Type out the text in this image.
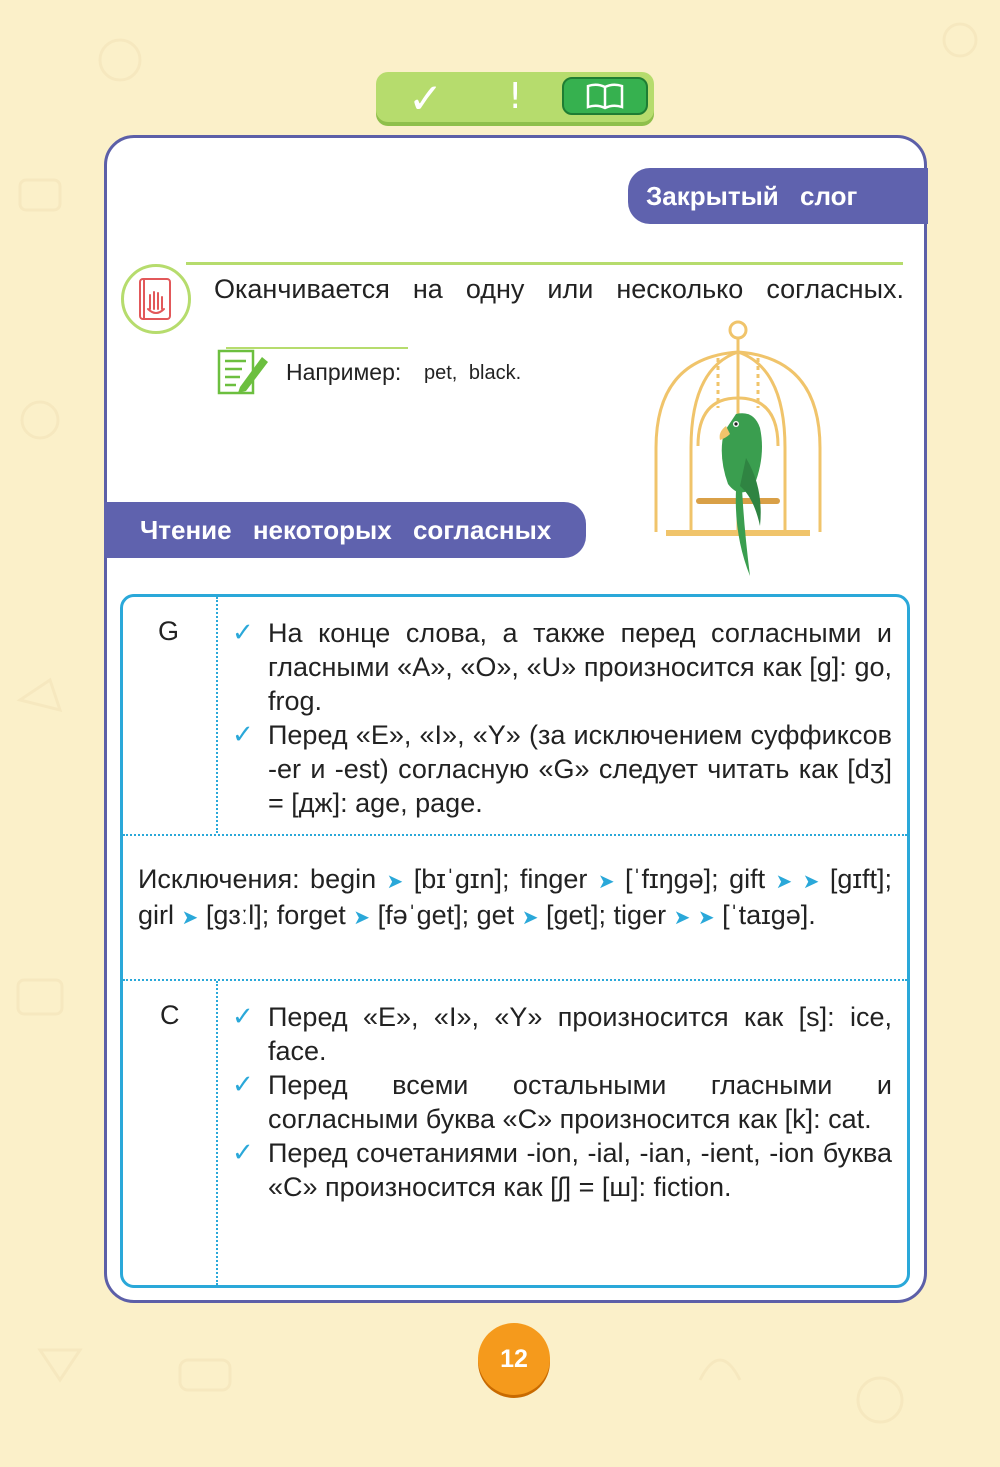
✓ !
Закрытый слог
Оканчивается на одну или несколько согласных.
Например: pet, black.
Чтение некоторых согласных
G ✓ На конце слова, а также перед согласными и гласными «A», «O», «U» произносится как [g]: go, frog.
✓ Перед «E», «I», «Y» (за исключением суффиксов -er и -est) согласную «G» следует читать как [dʒ] = [дж]: age, page.
Исключения: begin ➤ [bɪˈgɪn]; finger ➤ [ˈfɪŋgə]; gift ➤ ➤ [gɪft]; girl ➤ [gɜːl]; forget ➤ [fəˈget]; get ➤ [get]; tiger ➤ ➤ [ˈtaɪgə].
C ✓ Перед «E», «I», «Y» произносится как [s]: ice, face.
✓ Перед всеми остальными гласными и согласными буква «C» произносится как [k]: cat.
✓ Перед сочетаниями -ion, -ial, -ian, -ient, -ion буква «C» произносится как [ʃ] = [ш]: fiction.
12
